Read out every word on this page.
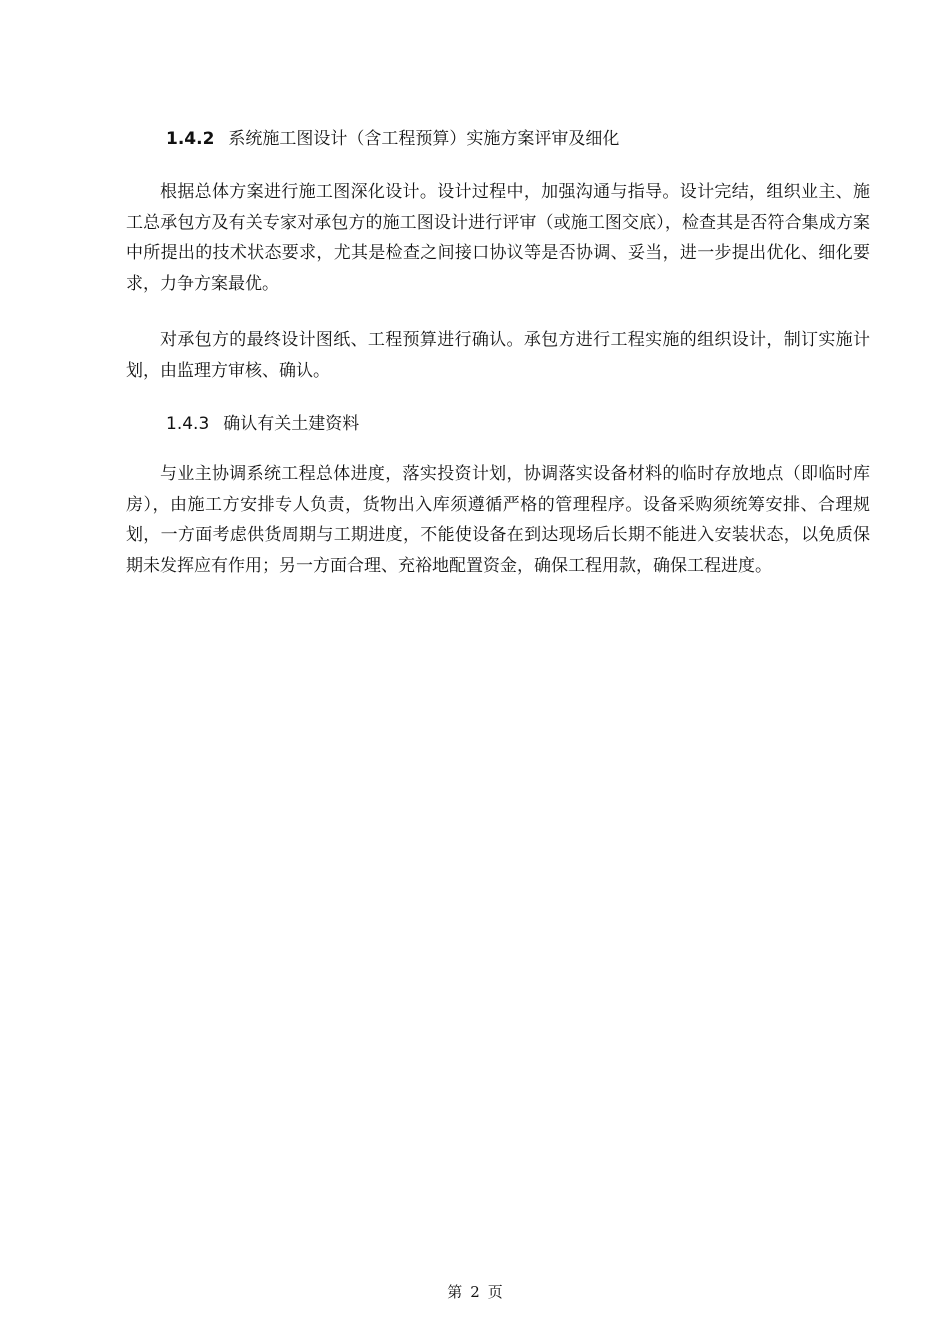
1.4.2 系统施工图设计（含工程预算）实施方案评审及细化

根据总体方案进行施工图深化设计。设计过程中，加强沟通与指导。设计完结，组织业主、施工总承包方及有关专家对承包方的施工图设计进行评审（或施工图交底），检查其是否符合集成方案中所提出的技术状态要求，尤其是检查之间接口协议等是否协调、妥当，进一步提出优化、细化要求，力争方案最优。

对承包方的最终设计图纸、工程预算进行确认。承包方进行工程实施的组织设计，制订实施计划，由监理方审核、确认。

1.4.3 确认有关土建资料

与业主协调系统工程总体进度，落实投资计划，协调落实设备材料的临时存放地点（即临时库房），由施工方安排专人负责，货物出入库须遵循严格的管理程序。设备采购须统筹安排、合理规划，一方面考虑供货周期与工期进度，不能使设备在到达现场后长期不能进入安装状态，以免质保期未发挥应有作用；另一方面合理、充裕地配置资金，确保工程用款，确保工程进度。

第 2 页
